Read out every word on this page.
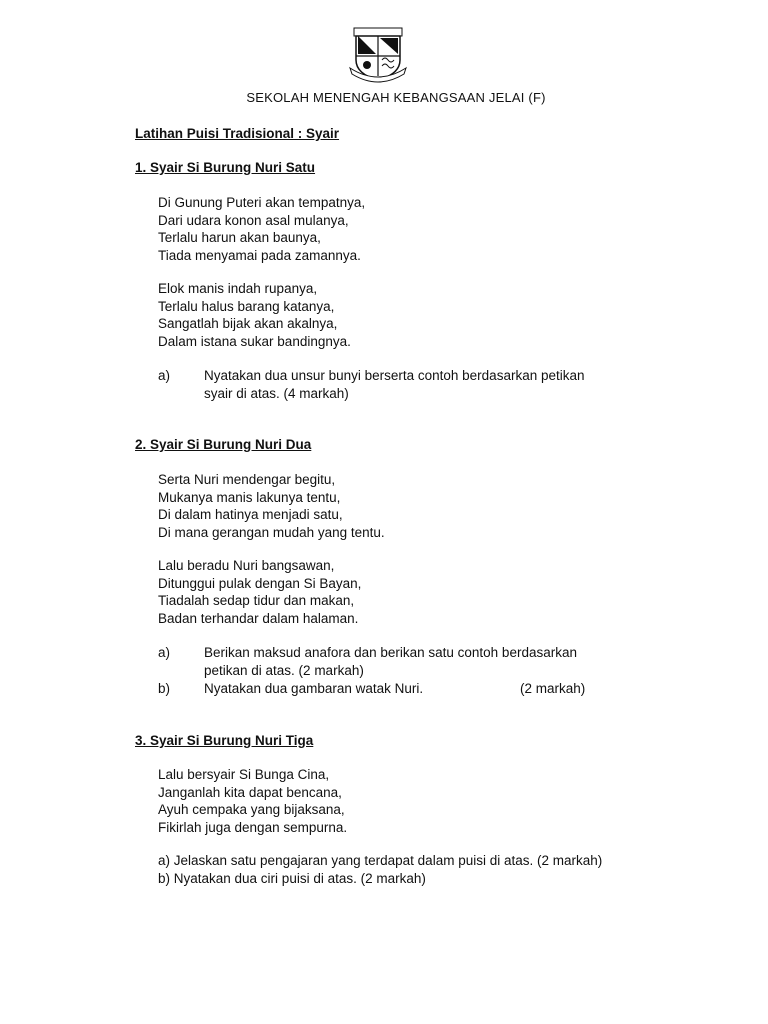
SEKOLAH MENENGAH KEBANGSAAN JELAI (F)
Latihan Puisi Tradisional : Syair
1. Syair Si Burung Nuri Satu
Di Gunung Puteri akan tempatnya,
Dari udara konon asal mulanya,
Terlalu harun akan baunya,
Tiada menyamai pada zamannya.
Elok manis indah rupanya,
Terlalu halus barang katanya,
Sangatlah bijak akan akalnya,
Dalam istana sukar bandingnya.
a)	Nyatakan dua unsur bunyi berserta contoh berdasarkan petikan
syair di atas. (4 markah)
2. Syair Si Burung Nuri Dua
Serta Nuri mendengar begitu,
Mukanya manis lakunya tentu,
Di dalam hatinya menjadi satu,
Di mana gerangan mudah yang tentu.
Lalu beradu Nuri bangsawan,
Ditunggui pulak dengan Si Bayan,
Tiadalah sedap tidur dan makan,
Badan terhandar dalam halaman.
a)	Berikan maksud anafora dan berikan satu contoh berdasarkan
petikan di atas. (2 markah)
b)	Nyatakan dua gambaran watak Nuri.	(2 markah)
3. Syair Si Burung Nuri Tiga
Lalu bersyair Si Bunga Cina,
Janganlah kita dapat bencana,
Ayuh cempaka yang bijaksana,
Fikirlah juga dengan sempurna.
a) Jelaskan satu pengajaran yang terdapat dalam puisi di atas. (2 markah)
b) Nyatakan dua ciri puisi di atas. (2 markah)
